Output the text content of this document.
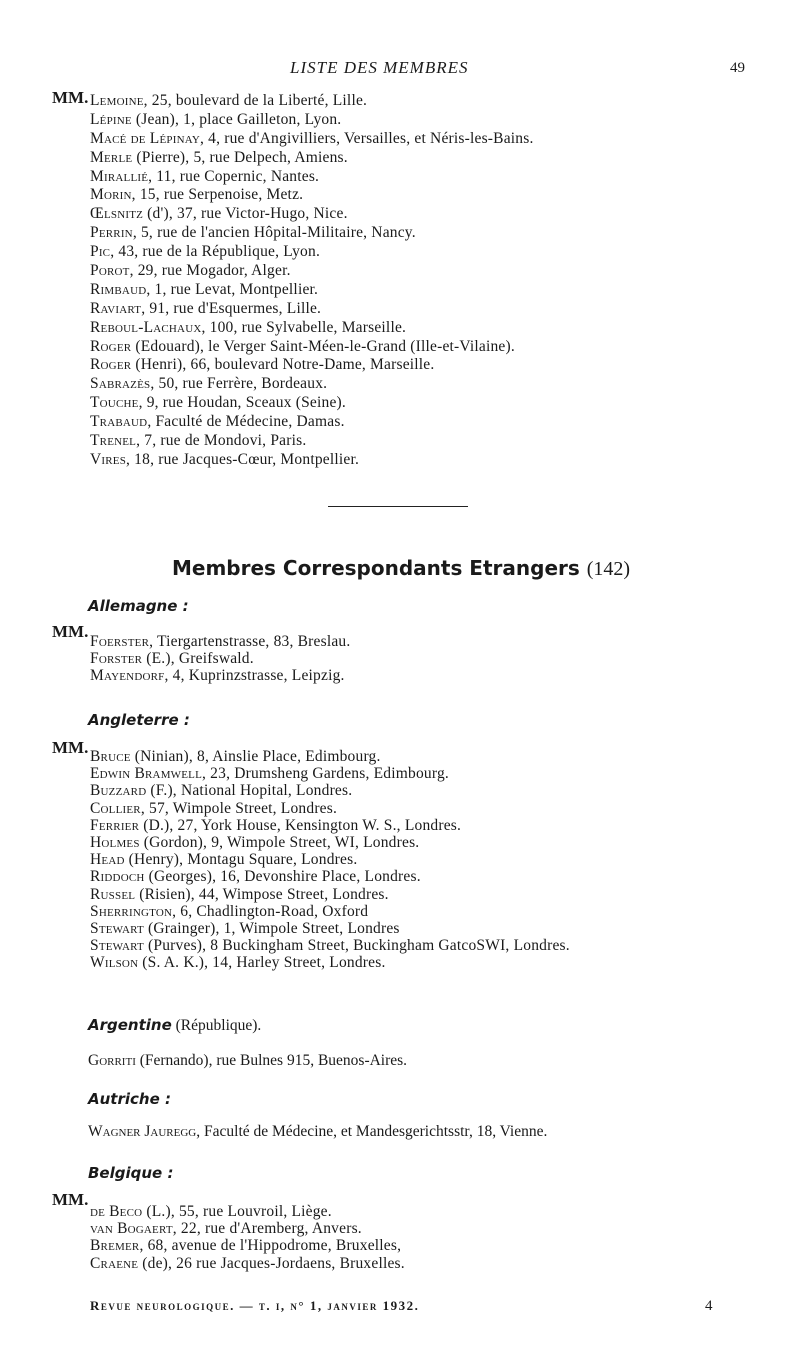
LISTE DES MEMBRES	49
MM. Lemoine, 25, boulevard de la Liberté, Lille.
Lépine (Jean), 1, place Gailleton, Lyon.
Macé de Lépinay, 4, rue d'Angivilliers, Versailles, et Néris-les-Bains.
Merle (Pierre), 5, rue Delpech, Amiens.
Mirallié, 11, rue Copernic, Nantes.
Morin, 15, rue Serpenoise, Metz.
Œlsnitz (d'), 37, rue Victor-Hugo, Nice.
Perrin, 5, rue de l'ancien Hôpital-Militaire, Nancy.
Pic, 43, rue de la République, Lyon.
Porot, 29, rue Mogador, Alger.
Rimbaud, 1, rue Levat, Montpellier.
Raviart, 91, rue d'Esquermes, Lille.
Reboul-Lachaux, 100, rue Sylvabelle, Marseille.
Roger (Edouard), le Verger Saint-Méen-le-Grand (Ille-et-Vilaine).
Roger (Henri), 66, boulevard Notre-Dame, Marseille.
Sabrazès, 50, rue Ferrère, Bordeaux.
Touche, 9, rue Houdan, Sceaux (Seine).
Trabaud, Faculté de Médecine, Damas.
Trenel, 7, rue de Mondovi, Paris.
Vires, 18, rue Jacques-Cœur, Montpellier.
Membres Correspondants Etrangers (142)
Allemagne :
MM.
Foerster, Tiergartenstrasse, 83, Breslau.
Forster (E.), Greifswald.
Mayendorf, 4, Kuprinzstrasse, Leipzig.
Angleterre :
MM. Bruce (Ninian), 8, Ainslie Place, Edimbourg.
Edwin Bramwell, 23, Drumsheng Gardens, Edimbourg.
Buzzard (F.), National Hopital, Londres.
Collier, 57, Wimpole Street, Londres.
Ferrier (D.), 27, York House, Kensington W. S., Londres.
Holmes (Gordon), 9, Wimpole Street, WI, Londres.
Head (Henry), Montagu Square, Londres.
Riddoch (Georges), 16, Devonshire Place, Londres.
Russel (Risien), 44, Wimpose Street, Londres.
Sherrington, 6, Chadlington-Road, Oxford
Stewart (Grainger), 1, Wimpole Street, Londres
Stewart (Purves), 8 Buckingham Street, Buckingham GatcoSWI, Londres.
Wilson (S. A. K.), 14, Harley Street, Londres.
Argentine (République).
Gorriti (Fernando), rue Bulnes 915, Buenos-Aires.
Autriche :
Wagner Jauregg, Faculté de Médecine, et Mandesgerichtsstr, 18, Vienne.
Belgique :
MM.
de Beco (L.), 55, rue Louvroil, Liège.
van Bogaert, 22, rue d'Aremberg, Anvers.
Bremer, 68, avenue de l'Hippodrome, Bruxelles,
Craene (de), 26 rue Jacques-Jordaens, Bruxelles.
Revue neurologique. — t. i, n° 1, janvier 1932.	4
